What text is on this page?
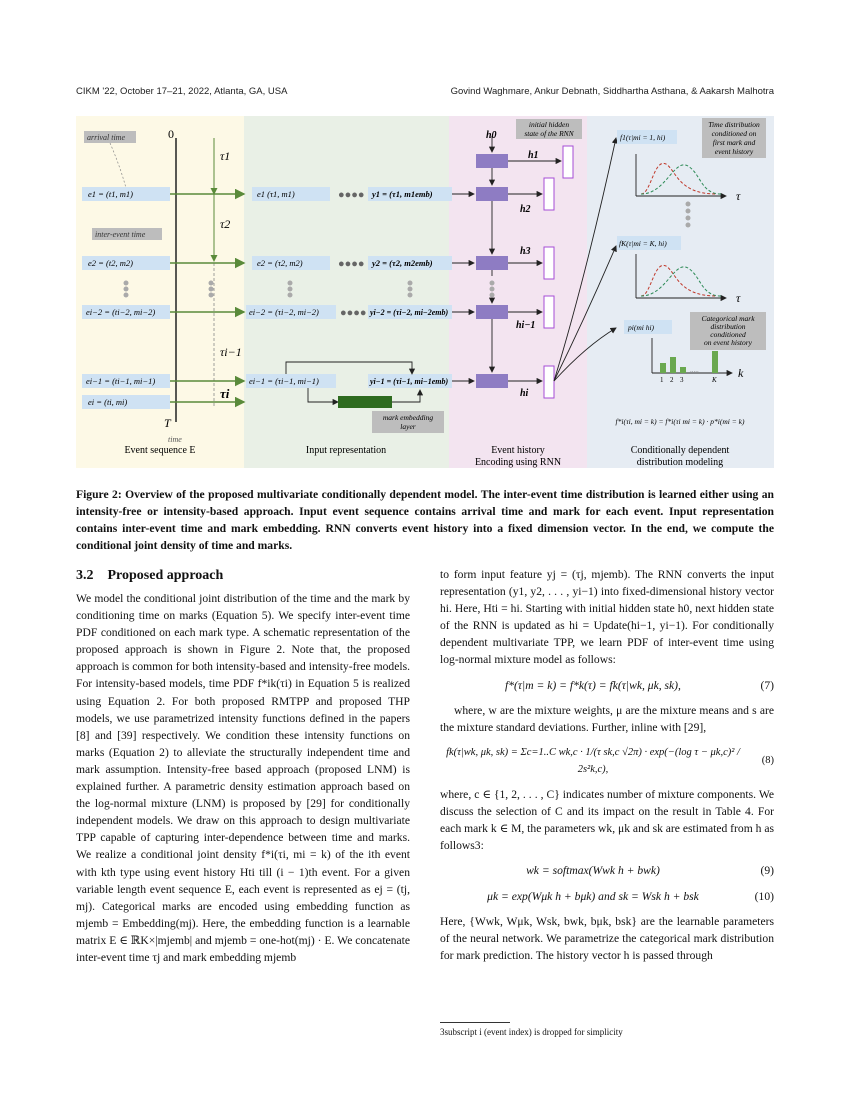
CIKM '22, October 17–21, 2022, Atlanta, GA, USA	Govind Waghmare, Ankur Debnath, Siddhartha Asthana, & Aakarsh Malhotra
Event sequence E	Input representation	Event history
Encoding using RNN
Conditionally dependent
distribution modeling
0
T
time
τ1
τ2
τi−1
τi
arrival time
inter-event time
e1 = (t1, m1)	e1 (τ1, m1)	●●●● y1 = (τ1, m1emb)
e2 = (t2, m2)	e2 = (τ2, m2)	●●●● y2 = (τ2, m2emb)
ei−2 = (ti−2, mi−2)	ei−2 = (τi−2, mi−2) ●●●● yi−2 = (τi−2, mi−2emb)
ei−1 = (ti−1, mi−1)	ei−1 = (τi−1, mi−1)	yi−1 = (τi−1, mi−1emb)
ei = (ti, mi)
mark embedding
layer
h0
initial hidden
state of the RNN
h1
h2
h3
hi−1
hi
f1(τ|mi = 1, hi)
Time distribution
conditioned on
first mark and
event history
τ
fK(τ|mi = K, hi)
τ
pi(mi hi)
Categorical mark
distribution
conditioned
on event history
k
.....
1 2 3	K
f*i(τi, mi = k) = f*i(τi mi = k) · p*i(mi = k)
Figure 2: Overview of the proposed multivariate conditionally dependent model. The inter-event time distribution is learned either using an intensity-free or intensity-based approach. Input event sequence contains arrival time and mark for each event. Input representation contains inter-event time and mark embedding. RNN converts event history into a fixed dimension vector. In the end, we compute the conditional joint density of time and marks.
3.2 Proposed approach

We model the conditional joint distribution of the time and the mark by conditioning time on marks (Equation 5). We specify inter-event time PDF conditioned on each mark type. A schematic representation of the proposed approach is shown in Figure 2. Note that, the proposed approach is common for both intensity-based and intensity-free models. For intensity-based models, time PDF f*ik(τi) in Equation 5 is realized using Equation 2. For both proposed RMTPP and proposed THP models, we use parametrized intensity functions defined in the papers [8] and [39] respectively. We condition these intensity functions on marks (Equation 2) to alleviate the structurally independent time and mark assumption. Intensity-free based approach (proposed LNM) is explained further. A parametric density estimation approach based on the log-normal mixture (LNM) is proposed by [29] for conditionally independent models. We draw on this approach to design multivariate TPP capable of capturing inter-dependence between time and marks. We realize a conditional joint density f*i(τi, mi = k) of the ith event with kth type using event history Hti till (i − 1)th event. For a given variable length event sequence E, each event is represented as ej = (tj, mj). Categorical marks are encoded using embedding function as mjemb = Embedding(mj). Here, the embedding function is a learnable matrix E ∈ ℝK×|mjemb| and mjemb = one-hot(mj) · E. We concatenate inter-event time τj and mark embedding mjemb

to form input feature yj = (τj, mjemb). The RNN converts the input representation (y1, y2, . . . , yi−1) into fixed-dimensional history vector hi. Here, Hti = hi. Starting with initial hidden state h0, next hidden state of the RNN is updated as hi = Update(hi−1, yi−1). For conditionally dependent multivariate TPP, we learn PDF of inter-event time using log-normal mixture model as follows:

f*(τ|m = k) = f*k(τ) = fk(τ|wk, μk, sk),	(7)

where, w are the mixture weights, μ are the mixture means and s are the mixture standard deviations. Further, inline with [29],

fk(τ|wk, μk, sk) = Σc=1..C wk,c · 1/(τ sk,c √2π) · exp(−(log τ − μk,c)² / 2s²k,c),
(8)

where, c ∈ {1, 2, . . . , C} indicates number of mixture components. We discuss the selection of C and its impact on the result in Table 4. For each mark k ∈ M, the parameters wk, μk and sk are estimated from h as follows3:

wk = softmax(Wwk h + bwk)	(9)
μk = exp(Wμk h + bμk) and sk = Wsk h + bsk	(10)

Here, {Wwk, Wμk, Wsk, bwk, bμk, bsk} are the learnable parameters of the neural network. We parametrize the categorical mark distribution for mark prediction. The history vector h is passed through

3subscript i (event index) is dropped for simplicity
